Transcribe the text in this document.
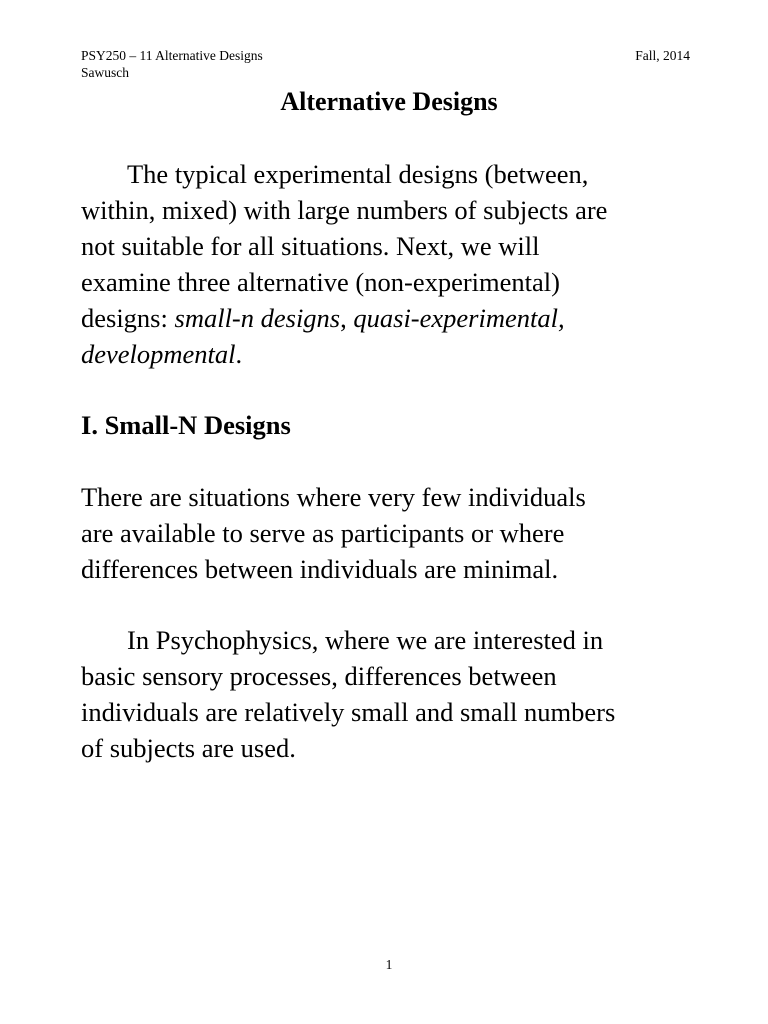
PSY250 – 11 Alternative Designs	Fall, 2014
Sawusch
Alternative Designs
The typical experimental designs (between,
within, mixed) with large numbers of subjects are
not suitable for all situations. Next, we will
examine three alternative (non-experimental)
designs: small-n designs, quasi-experimental,
developmental.
I. Small-N Designs
There are situations where very few individuals
are available to serve as participants or where
differences between individuals are minimal.
In Psychophysics, where we are interested in
basic sensory processes, differences between
individuals are relatively small and small numbers
of subjects are used.
1
